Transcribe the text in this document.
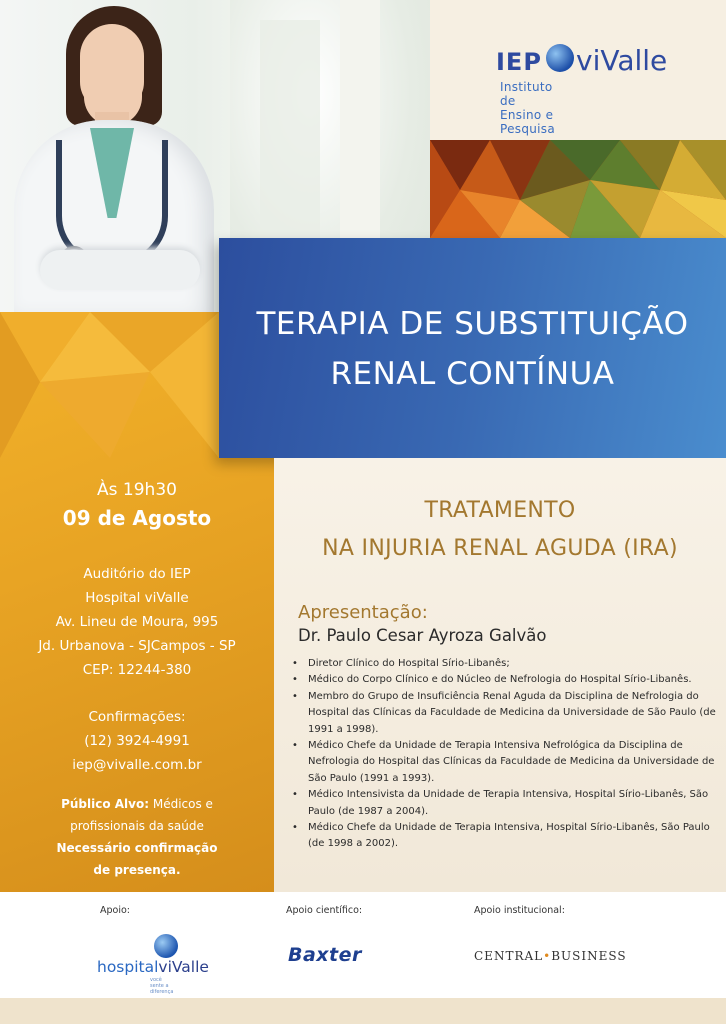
IEP viValle
Instituto de Ensino e Pesquisa
TERAPIA DE SUBSTITUIÇÃO
RENAL CONTÍNUA
Às 19h30
09 de Agosto
Auditório do IEP
Hospital viValle
Av. Lineu de Moura, 995
Jd. Urbanova - SJCampos - SP
CEP: 12244-380
Confirmações:
(12) 3924-4991
iep@vivalle.com.br
Público Alvo: Médicos e
profissionais da saúde
Necessário confirmação
de presença.
TRATAMENTO
NA INJURIA RENAL AGUDA (IRA)
Apresentação:
Dr. Paulo Cesar Ayroza Galvão
• Diretor Clínico do Hospital Sírio-Libanês;
• Médico do Corpo Clínico e do Núcleo de Nefrologia do Hospital Sírio-Libanês.
• Membro do Grupo de Insuficiência Renal Aguda da Disciplina de Nefrologia do Hospital das Clínicas da Faculdade de Medicina da Universidade de São Paulo (de 1991 a 1998).
• Médico Chefe da Unidade de Terapia Intensiva Nefrológica da Disciplina de Nefrologia do Hospital das Clínicas da Faculdade de Medicina da Universidade de São Paulo (1991 a 1993).
• Médico Intensivista da Unidade de Terapia Intensiva, Hospital Sírio-Libanês, São Paulo (de 1987 a 2004).
• Médico Chefe da Unidade de Terapia Intensiva, Hospital Sírio-Libanês, São Paulo (de 1998 a 2002).
Apoio:	Apoio científico:	Apoio institucional:
hospitalviValle
você sente a diferença
Baxter	CENTRAL•BUSINESS
